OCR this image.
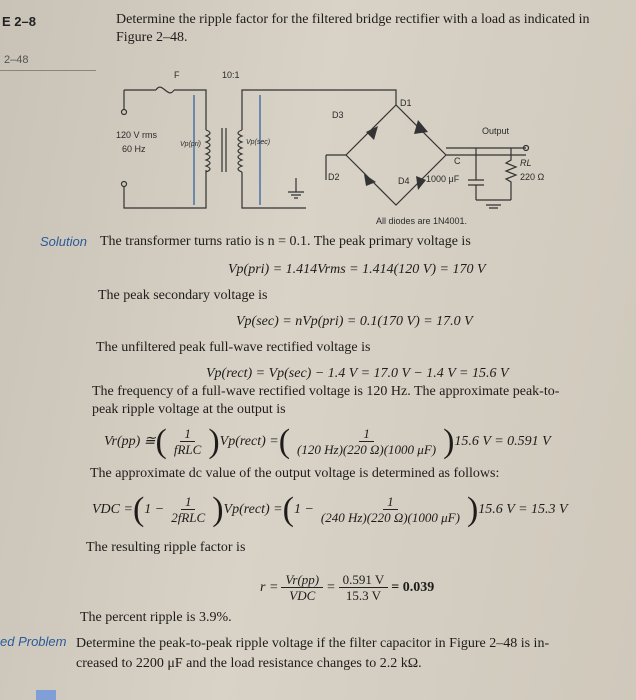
E 2–8	Determine the ripple factor for the filtered bridge rectifier with a load as indicated in
Figure 2–48.
2–48
F	10:1
120 V rms
60 Hz	Vp(pri)	Vp(sec)
D1
D3
D2	D4
Output
C
1000 μF
RL
220 Ω
All diodes are 1N4001.
Solution The transformer turns ratio is n = 0.1. The peak primary voltage is
Vp(pri) = 1.414Vrms = 1.414(120 V) = 170 V
The peak secondary voltage is
Vp(sec) = nVp(pri) = 0.1(170 V) = 17.0 V
The unfiltered peak full-wave rectified voltage is
Vp(rect) = Vp(sec) − 1.4 V = 17.0 V − 1.4 V = 15.6 V
The frequency of a full-wave rectified voltage is 120 Hz. The approximate peak-to-
peak ripple voltage at the output is
Vr(pp) ≅ ( $\frac{1}{\text{fRLC}}$ ) Vp(rect) = ( $\frac{1}{(120 Hz)(220 \Omega)(1000 \mu F)}$ ) 15.6 V = 0.591 V
The approximate dc value of the output voltage is determined as follows:
VDC = ( $1 - \frac{1}{\text{2fRLC}}$ ) Vp(rect) = ( $1 - \frac{1}{(240 Hz)(220 \Omega)(1000 \mu F)}$ ) 15.6 V = 15.3 V
The resulting ripple factor is
$r = \frac{Vr(pp)}{\text{VDC}} = \frac{0.591 V}{15.3 V} = 0.039$
The percent ripple is 3.9%.
ed Problem Determine the peak-to-peak ripple voltage if the filter capacitor in Figure 2–48 is in-
creased to 2200 μF and the load resistance changes to 2.2 kΩ.
